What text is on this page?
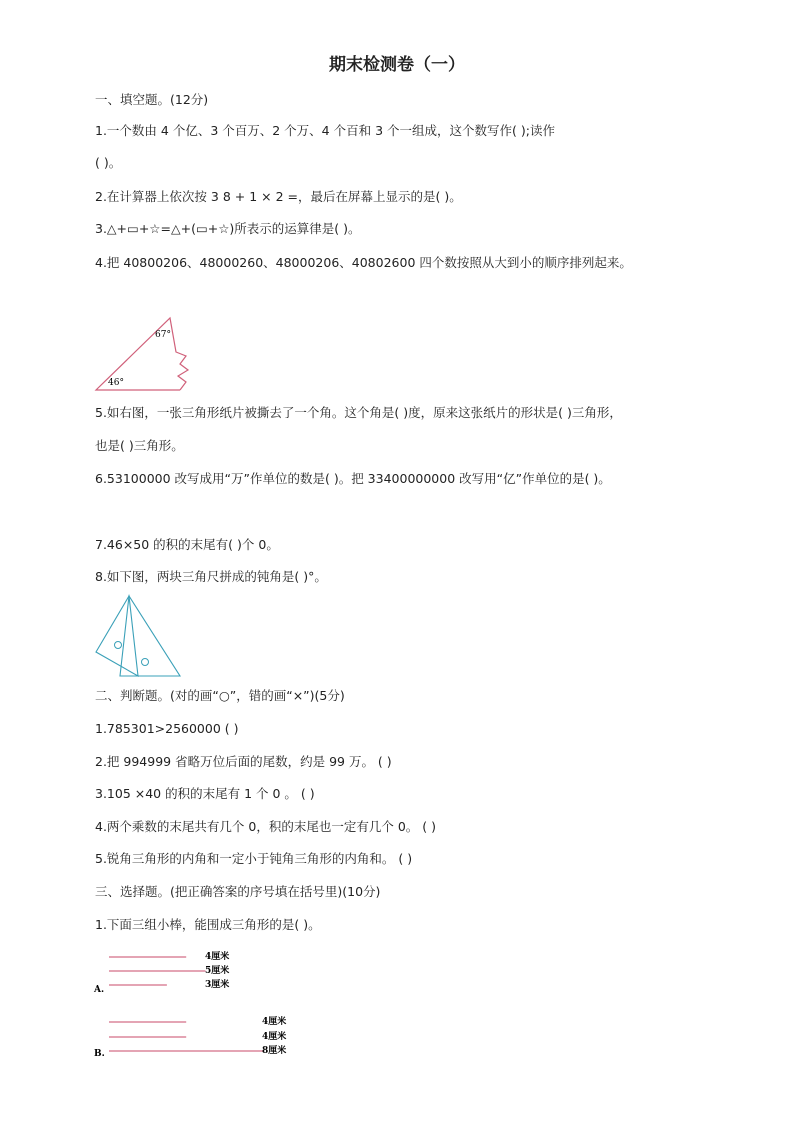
期末检测卷（一）
一、填空题。(12分)
1.一个数由 4 个亿、3 个百万、2 个万、4 个百和 3 个一组成，这个数写作( );读作
( )。
2.在计算器上依次按 3 8 + 1 × 2 =，最后在屏幕上显示的是( )。
3.△+▭+☆=△+(▭+☆)所表示的运算律是( )。
4.把 40800206、48000260、48000206、40802600 四个数按照从大到小的顺序排列起来。
67°
46°
5.如右图，一张三角形纸片被撕去了一个角。这个角是( )度，原来这张纸片的形状是( )三角形，
也是( )三角形。
6.53100000 改写成用“万”作单位的数是( )。把 33400000000 改写用“亿”作单位的是( )。
7.46×50 的积的末尾有( )个 0。
8.如下图，两块三角尺拼成的钝角是( )°。
二、判断题。(对的画“○”，错的画“×”)(5分)
1.785301>2560000 ( )
2.把 994999 省略万位后面的尾数，约是 99 万。 ( )
3.105 ×40 的积的末尾有 1 个 0 。 ( )
4.两个乘数的末尾共有几个 0，积的末尾也一定有几个 0。 ( )
5.锐角三角形的内角和一定小于钝角三角形的内角和。 ( )
三、选择题。(把正确答案的序号填在括号里)(10分)
1.下面三组小棒，能围成三角形的是( )。
A.
4厘米
5厘米
3厘米
B.
4厘米
4厘米
8厘米
